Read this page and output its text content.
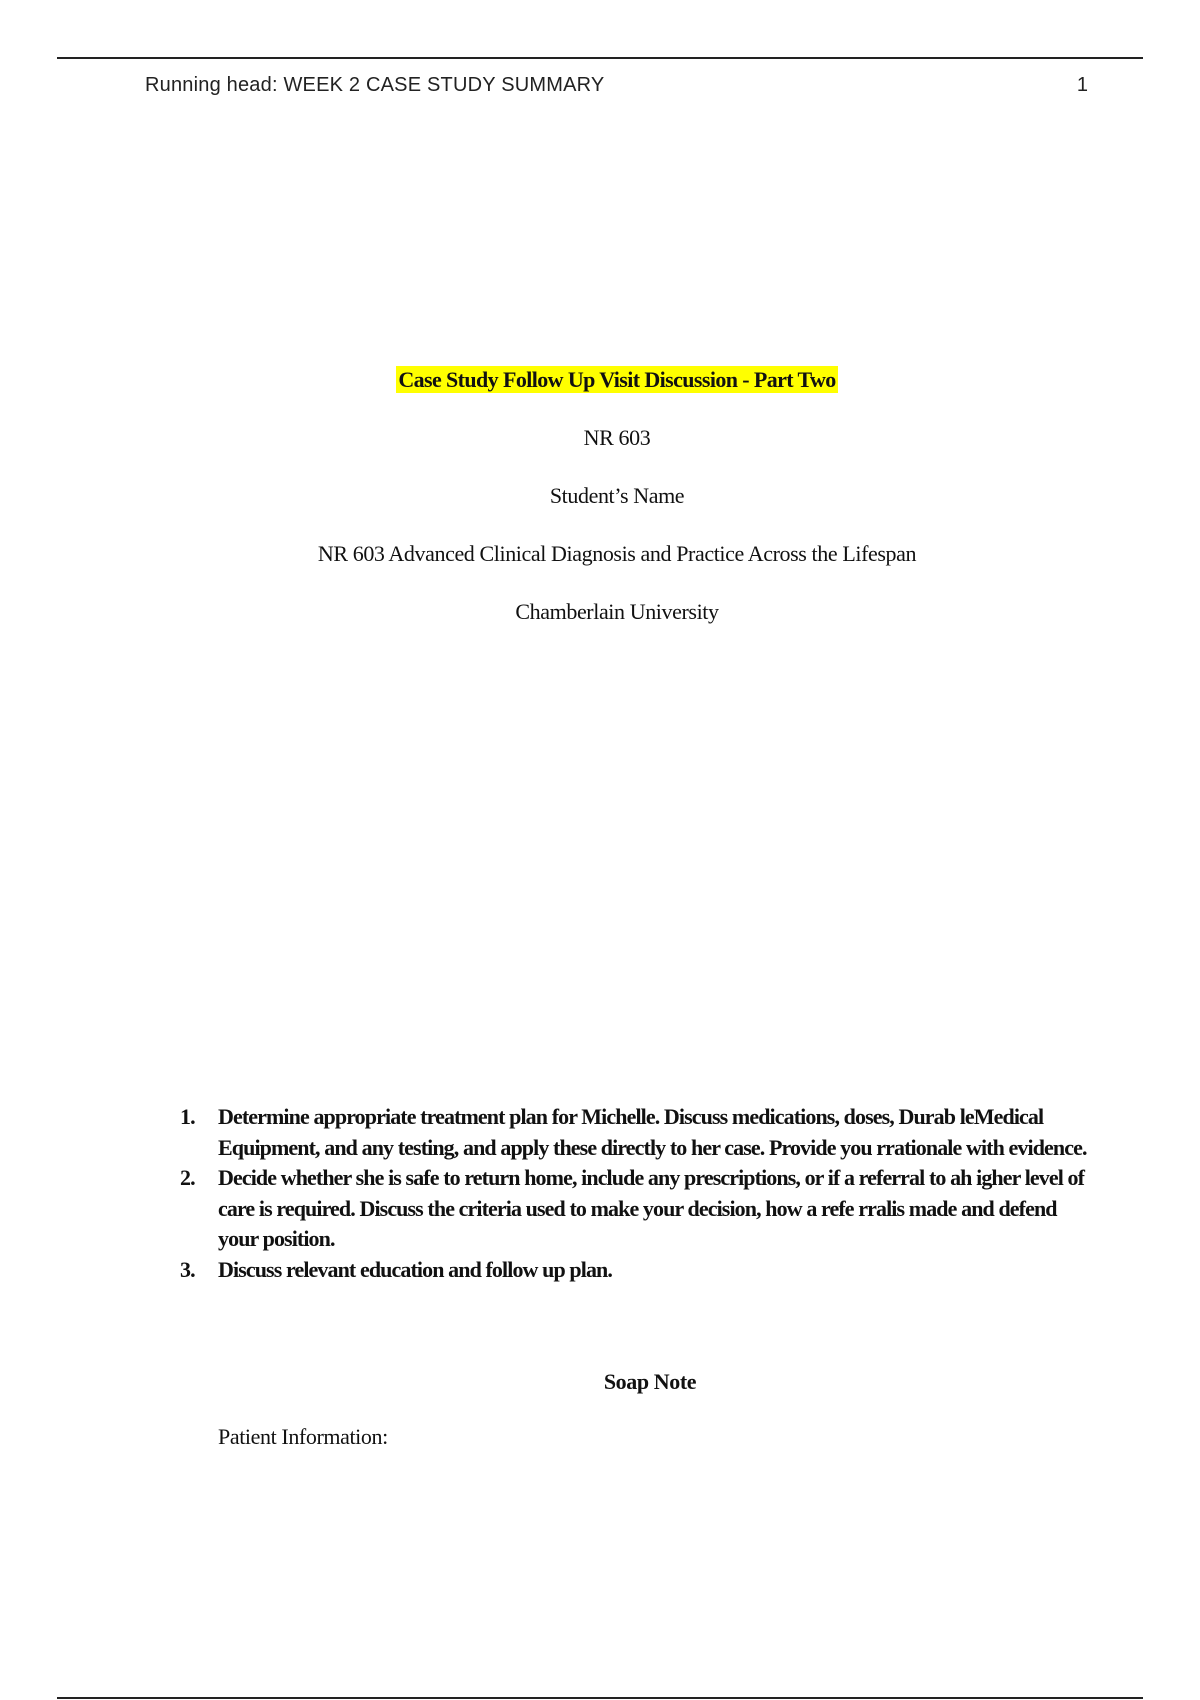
Running head: WEEK 2 CASE STUDY SUMMARY	1

Case Study Follow Up Visit Discussion - Part Two

NR 603

Student’s Name

NR 603 Advanced Clinical Diagnosis and Practice Across the Lifespan

Chamberlain University

1. Determine appropriate treatment plan for Michelle. Discuss medications, doses, Durab leMedical Equipment, and any testing, and apply these directly to her case. Provide you rrationale with evidence.
2. Decide whether she is safe to return home, include any prescriptions, or if a referral to ah igher level of care is required. Discuss the criteria used to make your decision, how a refe rralis made and defend your position.
3. Discuss relevant education and follow up plan.
Soap Note
Patient Information:
